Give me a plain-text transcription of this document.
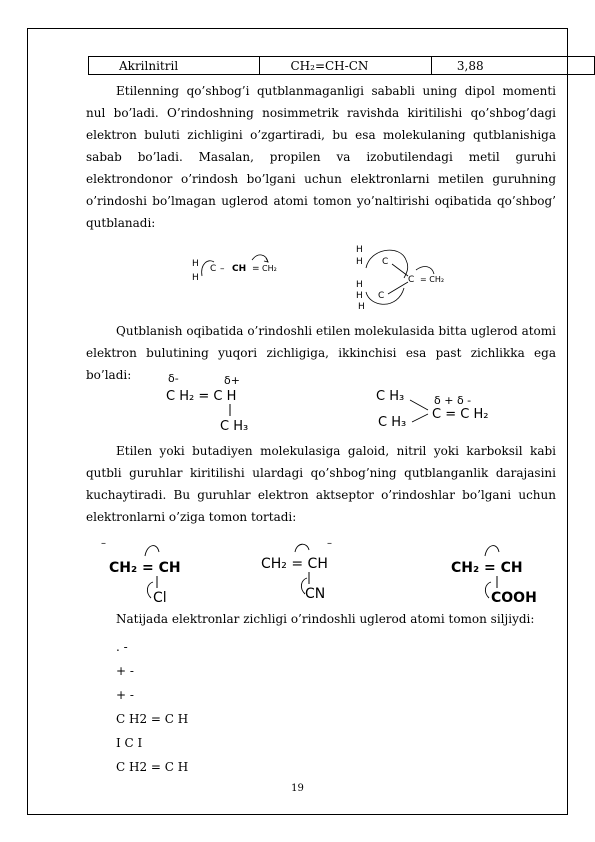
Akrilnitril	CH₂=CH-CN	3,88

Etilenning qo’shbog’i qutblanmaganligi sababli uning dipol momenti nul bo’ladi. O’rindoshning nosimmetrik ravishda kiritilishi qo’shbog’dagi elektron buluti zichligini o’zgartiradi, bu esa molekulaning qutblanishiga sabab bo’ladi. Masalan, propilen va izobutilendagi metil guruhi elektrondonor o’rindosh bo’lgani uchun elektronlarni metilen guruhning o’rindoshi bo’lmagan uglerod atomi tomon yo’naltirishi oqibatida qo’shbog’ qutblanadi:

H
H
C – CH = CH₂
H
H C
H
H C
H
C = CH₂

Qutblanish oqibatida o’rindoshli etilen molekulasida bitta uglerod atomi elektron bulutining yuqori zichligiga, ikkinchisi esa past zichlikka ega bo’ladi:	δ-	δ+
C H₂ = C H
C H₃
C H₃
C H₃
δ + δ -
C = C H₂

Etilen yoki butadiyen molekulasiga galoid, nitril yoki karboksil kabi qutbli guruhlar kiritilishi ulardagi qo’shbog’ning qutblanganlik darajasini kuchaytiradi. Bu guruhlar elektron aktseptor o’rindoshlar bo’lgani uchun elektronlarni o’ziga tomon tortadi:

–
CH₂ = CH
Cl
–
CH₂ = CH
CN
CH₂ = CH
COOH

Natijada elektronlar zichligi o’rindoshli uglerod atomi tomon siljiydi:

. -
+ -
+ -
C H2 = C H
I C I
C H2 = C H
19
